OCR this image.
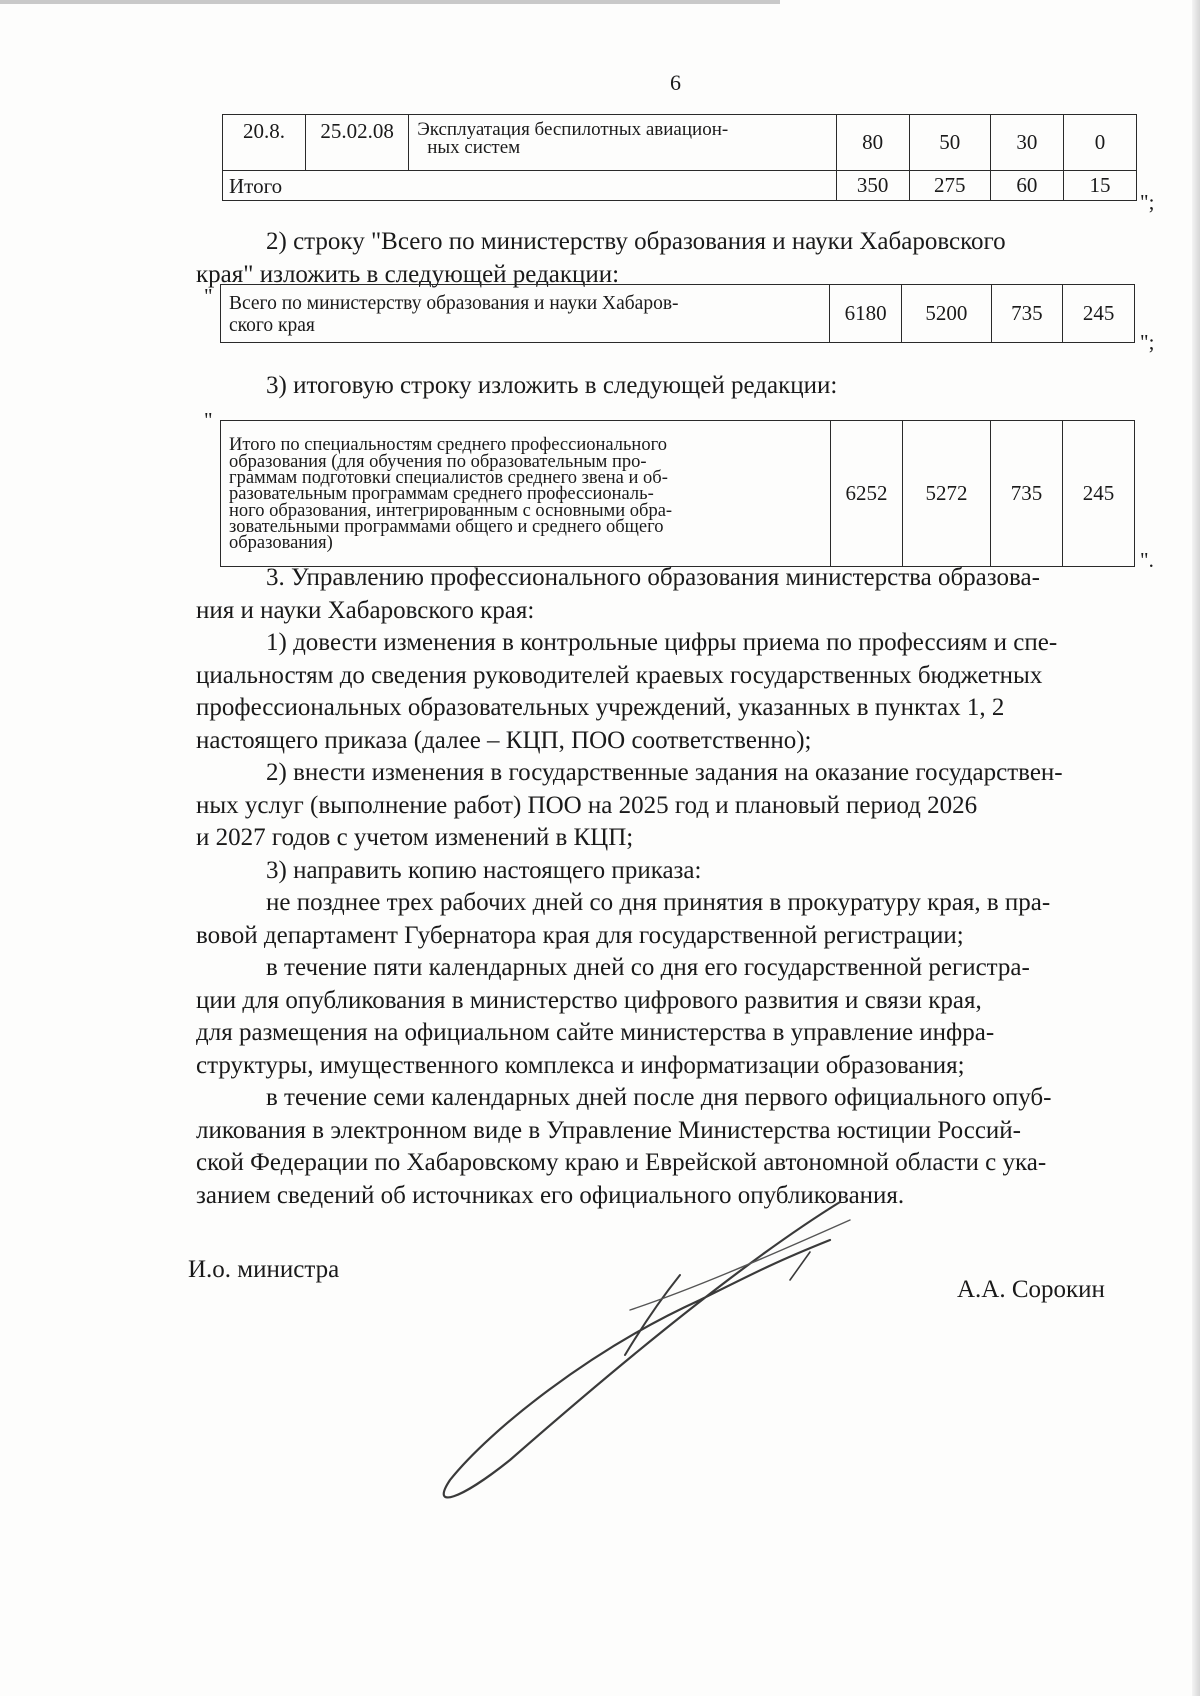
6
20.8.	25.02.08	Эксплуатация беспилотных авиацион-
ных систем	80	50	30	0
Итого			350	275	60	15
";
2) строку "Всего по министерству образования и науки Хабаровского
края" изложить в следующей редакции:
" Всего по министерству образования и науки Хабаров-
ского края	6180	5200	735	245
";
3) итоговую строку изложить в следующей редакции:
"
Итого по специальностям среднего профессионального
образования (для обучения по образовательным про-
граммам подготовки специалистов среднего звена и об-
разовательным программам среднего профессиональ-
ного образования, интегрированным с основными обра-
зовательными программами общего и среднего общего
образования)
	6252	5272	735	245
".
3. Управлению профессионального образования министерства образова-
ния и науки Хабаровского края:
1) довести изменения в контрольные цифры приема по профессиям и спе-
циальностям до сведения руководителей краевых государственных бюджетных
профессиональных образовательных учреждений, указанных в пунктах 1, 2
настоящего приказа (далее – КЦП, ПОО соответственно);
2) внести изменения в государственные задания на оказание государствен-
ных услуг (выполнение работ) ПОО на 2025 год и плановый период 2026
и 2027 годов с учетом изменений в КЦП;
3) направить копию настоящего приказа:
не позднее трех рабочих дней со дня принятия в прокуратуру края, в пра-
вовой департамент Губернатора края для государственной регистрации;
в течение пяти календарных дней со дня его государственной регистра-
ции для опубликования в министерство цифрового развития и связи края,
для размещения на официальном сайте министерства в управление инфра-
структуры, имущественного комплекса и информатизации образования;
в течение семи календарных дней после дня первого официального опуб-
ликования в электронном виде в Управление Министерства юстиции Россий-
ской Федерации по Хабаровскому краю и Еврейской автономной области с ука-
занием сведений об источниках его официального опубликования.
И.о. министра
А.А. Сорокин
